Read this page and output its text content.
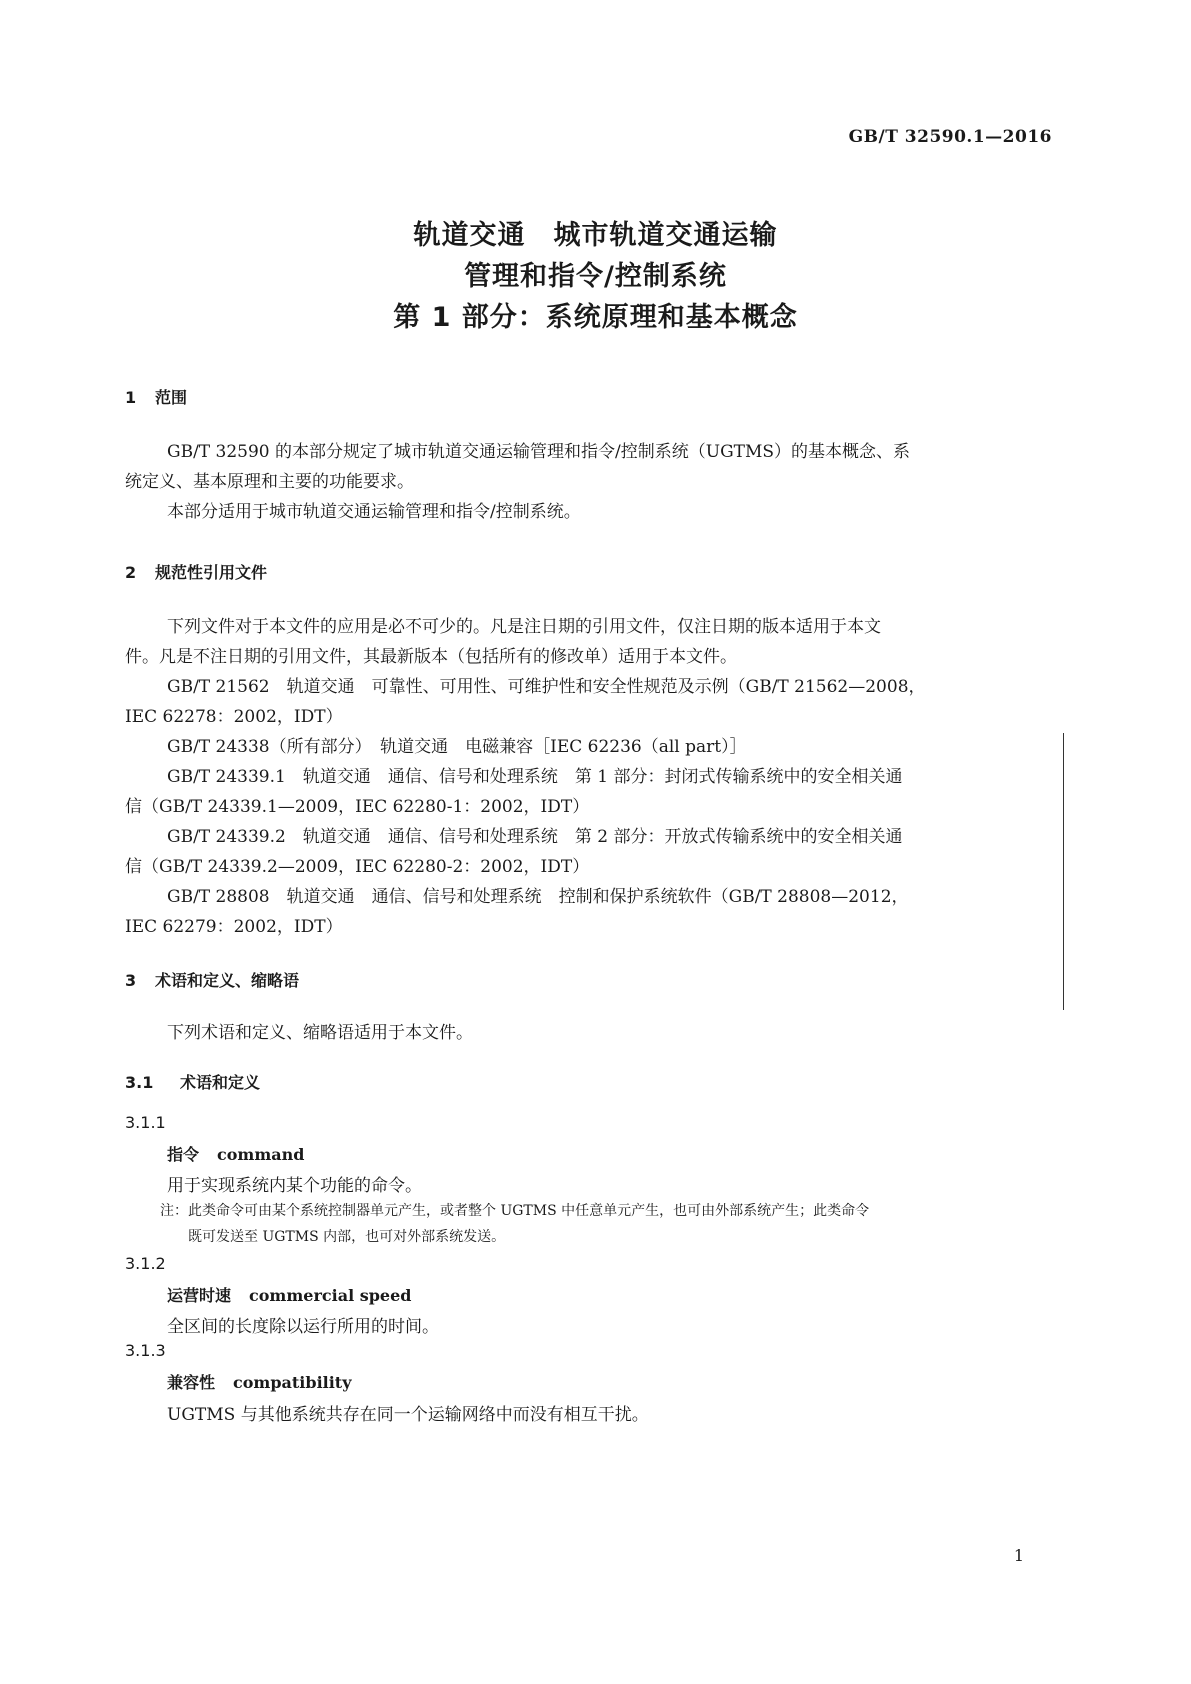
GB/T 32590.1—2016
轨道交通　城市轨道交通运输
管理和指令/控制系统
第 1 部分：系统原理和基本概念
1 范围
GB/T 32590 的本部分规定了城市轨道交通运输管理和指令/控制系统（UGTMS）的基本概念、系
统定义、基本原理和主要的功能要求。
本部分适用于城市轨道交通运输管理和指令/控制系统。
2 规范性引用文件
下列文件对于本文件的应用是必不可少的。凡是注日期的引用文件，仅注日期的版本适用于本文
件。凡是不注日期的引用文件，其最新版本（包括所有的修改单）适用于本文件。
GB/T 21562　轨道交通　可靠性、可用性、可维护性和安全性规范及示例（GB/T 21562—2008，
IEC 62278：2002，IDT）
GB/T 24338（所有部分）　轨道交通　电磁兼容［IEC 62236（all part）］
GB/T 24339.1　轨道交通　通信、信号和处理系统　第 1 部分：封闭式传输系统中的安全相关通
信（GB/T 24339.1—2009，IEC 62280-1：2002，IDT）
GB/T 24339.2　轨道交通　通信、信号和处理系统　第 2 部分：开放式传输系统中的安全相关通
信（GB/T 24339.2—2009，IEC 62280-2：2002，IDT）
GB/T 28808　轨道交通　通信、信号和处理系统　控制和保护系统软件（GB/T 28808—2012，
IEC 62279：2002，IDT）
3 术语和定义、缩略语
下列术语和定义、缩略语适用于本文件。
3.1 术语和定义
3.1.1
指令 command
用于实现系统内某个功能的命令。
注：此类命令可由某个系统控制器单元产生，或者整个 UGTMS 中任意单元产生，也可由外部系统产生；此类命令
既可发送至 UGTMS 内部，也可对外部系统发送。
3.1.2
运营时速 commercial speed
全区间的长度除以运行所用的时间。
3.1.3
兼容性 compatibility
UGTMS 与其他系统共存在同一个运输网络中而没有相互干扰。
1
